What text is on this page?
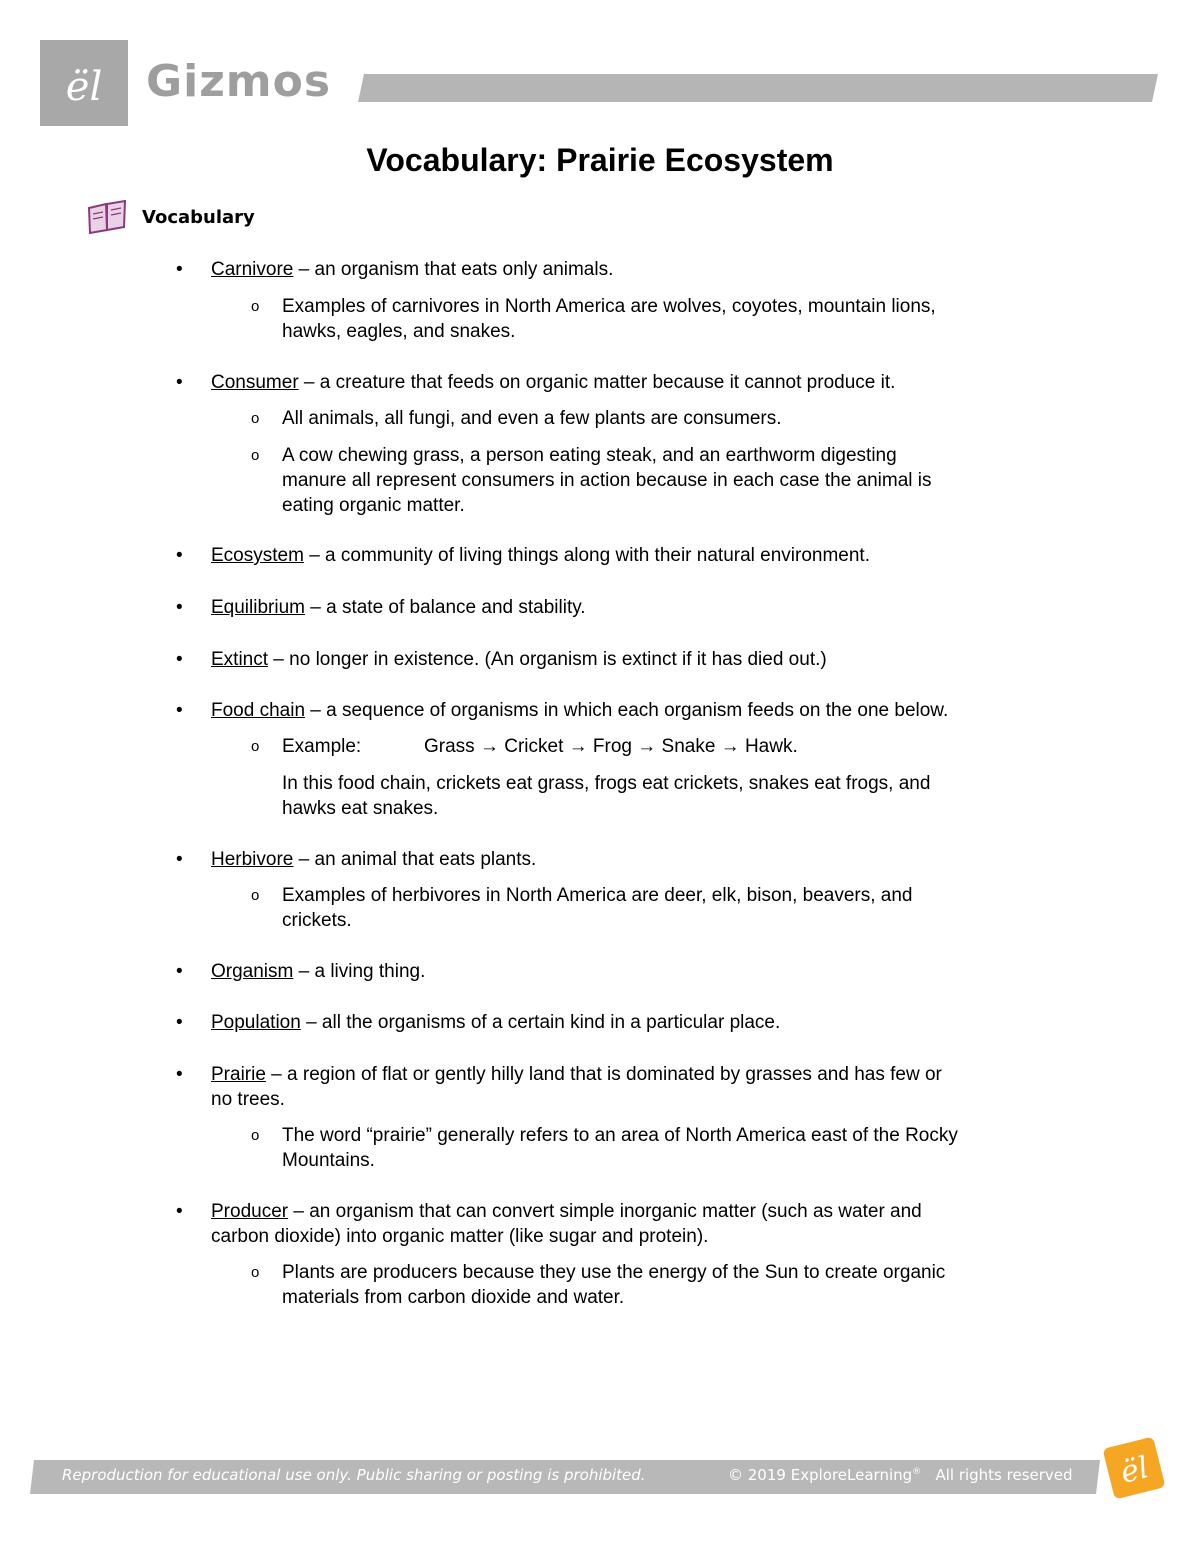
ël Gizmos
Vocabulary: Prairie Ecosystem
Vocabulary
• Carnivore – an organism that eats only animals.
o Examples of carnivores in North America are wolves, coyotes, mountain lions,
hawks, eagles, and snakes.
• Consumer – a creature that feeds on organic matter because it cannot produce it.
o All animals, all fungi, and even a few plants are consumers.
o A cow chewing grass, a person eating steak, and an earthworm digesting
manure all represent consumers in action because in each case the animal is
eating organic matter.
• Ecosystem – a community of living things along with their natural environment.
• Equilibrium – a state of balance and stability.
• Extinct – no longer in existence. (An organism is extinct if it has died out.)
• Food chain – a sequence of organisms in which each organism feeds on the one below.
o Example:	Grass → Cricket → Frog → Snake → Hawk.
In this food chain, crickets eat grass, frogs eat crickets, snakes eat frogs, and
hawks eat snakes.
• Herbivore – an animal that eats plants.
o Examples of herbivores in North America are deer, elk, bison, beavers, and
crickets.
• Organism – a living thing.
• Population – all the organisms of a certain kind in a particular place.
• Prairie – a region of flat or gently hilly land that is dominated by grasses and has few or
no trees.
o The word “prairie” generally refers to an area of North America east of the Rocky
Mountains.
• Producer – an organism that can convert simple inorganic matter (such as water and
carbon dioxide) into organic matter (like sugar and protein).
o Plants are producers because they use the energy of the Sun to create organic
materials from carbon dioxide and water.
Reproduction for educational use only. Public sharing or posting is prohibited.	© 2019 ExploreLearning® All rights reserved ël
